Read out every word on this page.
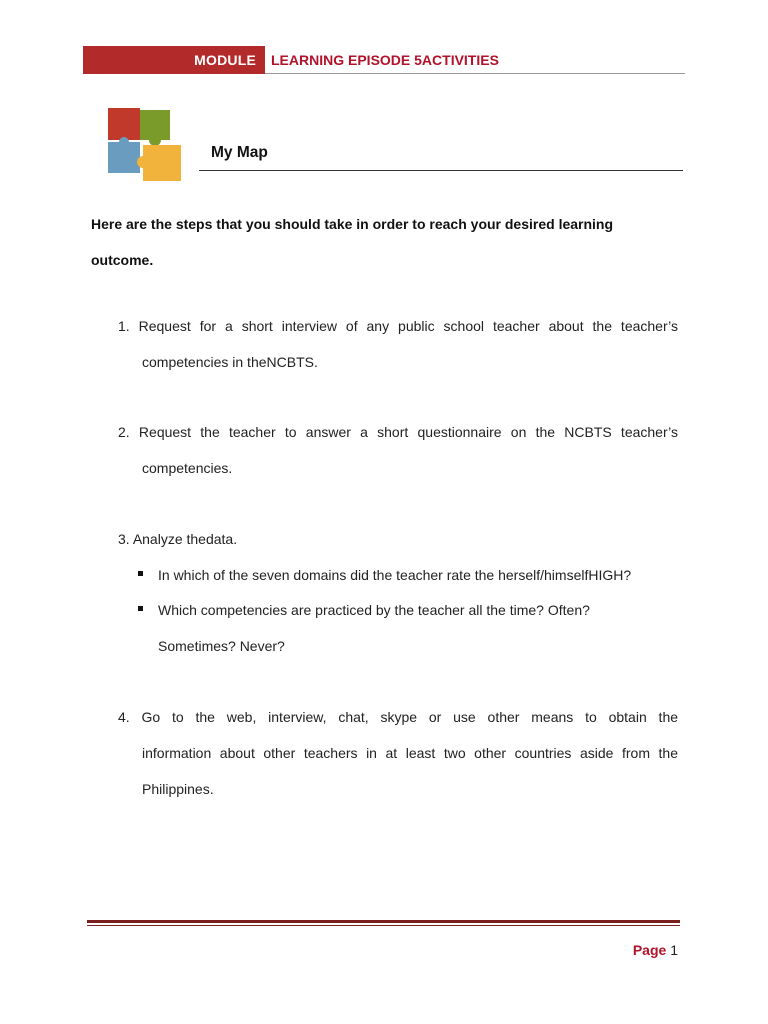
MODULE LEARNING EPISODE 5ACTIVITIES
My Map
Here are the steps that you should take in order to reach your desired learning
outcome.
1. Request for a short interview of any public school teacher about the teacher’s
competencies in theNCBTS.
2. Request the teacher to answer a short questionnaire on the NCBTS teacher’s
competencies.
3. Analyze thedata.
In which of the seven domains did the teacher rate the herself/himselfHIGH?
Which competencies are practiced by the teacher all the time? Often?
Sometimes? Never?
4. Go to the web, interview, chat, skype or use other means to obtain the
information about other teachers in at least two other countries aside from the
Philippines.
Page 1
